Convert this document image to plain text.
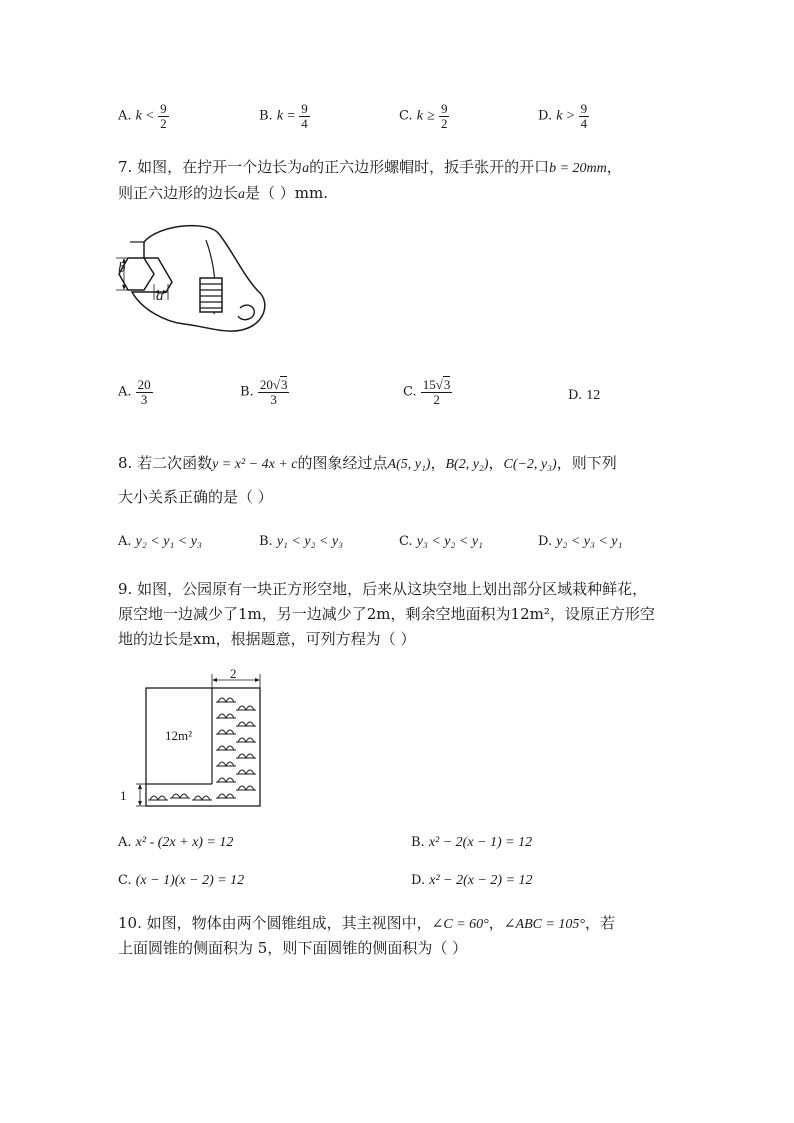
A. $k < \frac{9}{2}$	B. $k = \frac{9}{4}$	C. $k \ge \frac{9}{2}$	D. $k > \frac{9}{4}$
7. 如图，在拧开一个边长为a的正六边形螺帽时，扳手张开的开口b = 20mm，
则正六边形的边长a是（ ）mm.
b
a
A. $\frac{20}{3}$	B. $\frac{20√3}{3}$	C. $\frac{15√3}{2}$	D. 12
8. 若二次函数y = x² − 4x + c的图象经过点A(5, y₁)，B(2, y₂)，C(−2, y₃)，则下列
大小关系正确的是（ ）
A. y₂ < y₁ < y₃	B. y₁ < y₂ < y₃	C. y₃ < y₂ < y₁	D. y₂ < y₃ < y₁
9. 如图，公园原有一块正方形空地，后来从这块空地上划出部分区域栽种鲜花，
原空地一边减少了1m，另一边减少了2m，剩余空地面积为12m²，设原正方形空
地的边长是xm，根据题意，可列方程为（ ）
2
12m²
1
A. x² - (2x + x) = 12	B. x² − 2(x − 1) = 12
C. (x − 1)(x − 2) = 12	D. x² − 2(x − 2) = 12
10. 如图，物体由两个圆锥组成，其主视图中，∠C = 60°，∠ABC = 105°，若
上面圆锥的侧面积为 5，则下面圆锥的侧面积为（ ）
